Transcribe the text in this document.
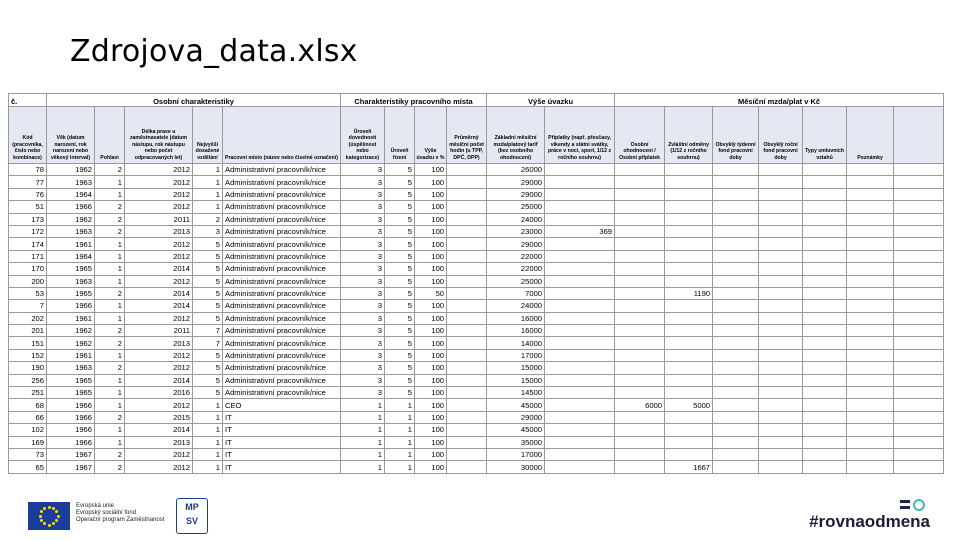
Zdrojova_data.xlsx
č.	Osobní charakteristiky					Charakteristiky pracovního místa				Výše úvazku		Měsíční mzda/plat v Kč						
Kód (pracovníka, číslo nebo kombinace)	Věk (datum narození, rok narození nebo věkový interval)	Pohlaví	Délka praxe u zaměstnavatele (datum nástupu, rok nástupu nebo počet odpracovaných let)	Nejvyšší dosažené vzdělání	Pracovní místo (název nebo číselné označení)	Úroveň dovedností (úspěšnost nebo kategorizace)	Úroveň řízení	Výše úvazku v %	Průměrný měsíční počet hodin (u TPP, DPČ, DPP)	Základní měsíční mzda/platový tarif (bez osobního ohodnocení)	Příplatky (např. přesčasy, víkendy a státní svátky, práce v noci, sport, 1/12 z ročního souhrnu)	Osobní ohodnocení / Osobní příplatek	Zvláštní odměny (1/12 z ročního souhrnu)	Obvyklý týdenní fond pracovní doby	Obvyklý roční fond pracovní doby	Typy smluvních vztahů	Poznámky	
78	1962	2	2012	1	Administrativní pracovník/nice	3	5	100		26000								
77	1963	1	2012	1	Administrativní pracovník/nice	3	5	100		29000								
76	1964	1	2012	1	Administrativní pracovník/nice	3	5	100		29000								
51	1966	2	2012	1	Administrativní pracovník/nice	3	5	100		25000								
173	1962	2	2011	2	Administrativní pracovník/nice	3	5	100		24000								
172	1963	2	2013	3	Administrativní pracovník/nice	3	5	100		23000	369							
174	1961	1	2012	5	Administrativní pracovník/nice	3	5	100		29000								
171	1964	1	2012	5	Administrativní pracovník/nice	3	5	100		22000								
170	1965	1	2014	5	Administrativní pracovník/nice	3	5	100		22000								
200	1963	1	2012	5	Administrativní pracovník/nice	3	5	100		25000								
53	1965	2	2014	5	Administrativní pracovník/nice	3	5	50		7000			1190					
7	1966	1	2014	5	Administrativní pracovník/nice	3	5	100		24000								
202	1961	1	2012	5	Administrativní pracovník/nice	3	5	100		16000								
201	1962	2	2011	7	Administrativní pracovník/nice	3	5	100		16000								
151	1962	2	2013	7	Administrativní pracovník/nice	3	5	100		14000								
152	1961	1	2012	5	Administrativní pracovník/nice	3	5	100		17000								
190	1963	2	2012	5	Administrativní pracovník/nice	3	5	100		15000								
256	1965	1	2014	5	Administrativní pracovník/nice	3	5	100		15000								
251	1965	1	2016	5	Administrativní pracovník/nice	3	5	100		14500								
68	1966	1	2012	1	CEO	1	1	100		45000		6000	5000					
66	1966	2	2015	1	IT	1	1	100		29000								
102	1966	1	2014	1	IT	1	1	100		45000								
169	1966	1	2013	1	IT	1	1	100		35000								
73	1967	2	2012	1	IT	1	1	100		17000								
65	1967	2	2012	1	IT	1	1	100		30000			1667					
Evropská unie
Evropský sociální fond
Operační program Zaměstnanost
MP
SV	#rovnaodmena
